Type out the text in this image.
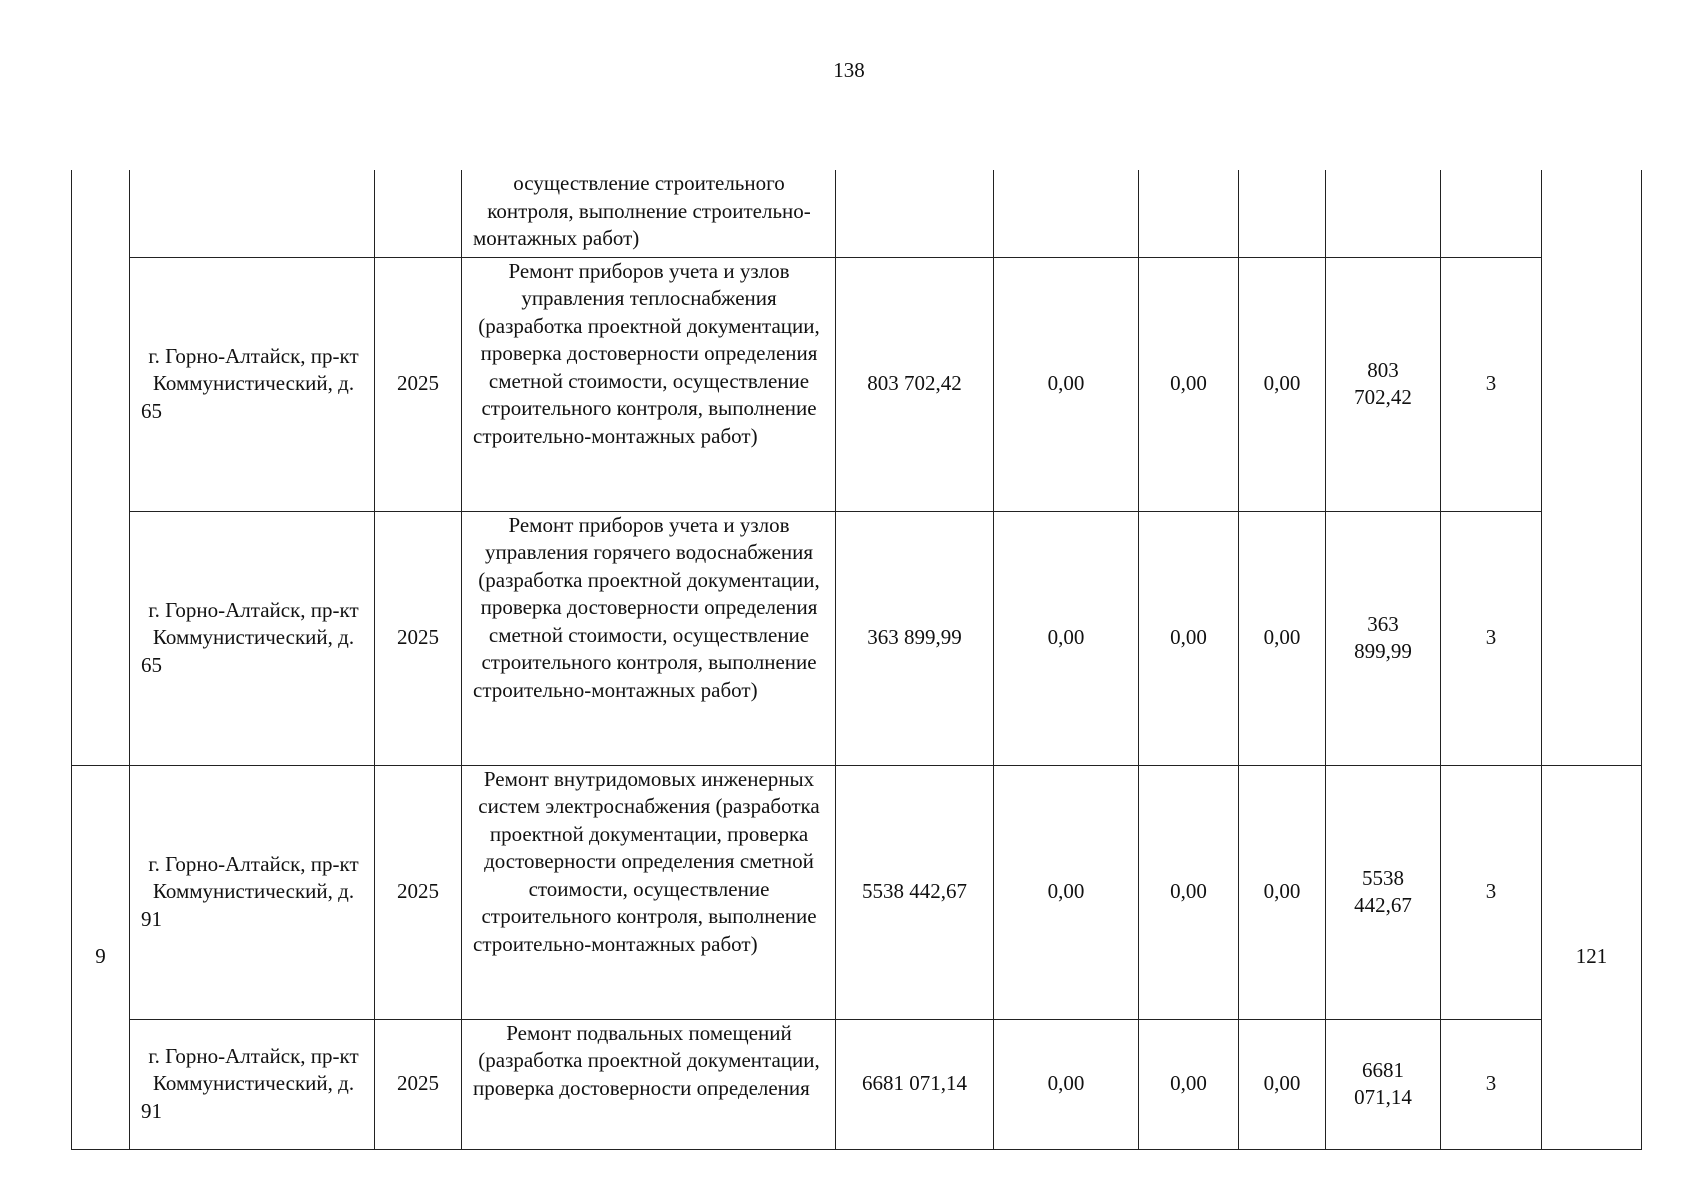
138
			осуществление строительного контроля, выполнение строительно-монтажных работ)							
	г. Горно-Алтайск, пр-кт Коммунистический, д. 65	2025	Ремонт приборов учета и узлов управления теплоснабжения (разработка проектной документации, проверка достоверности определения сметной стоимости, осуществление строительного контроля, выполнение строительно-монтажных работ)	803 702,42	0,00	0,00	0,00	803 702,42	3	
	г. Горно-Алтайск, пр-кт Коммунистический, д. 65	2025	Ремонт приборов учета и узлов управления горячего водоснабжения (разработка проектной документации, проверка достоверности определения сметной стоимости, осуществление строительного контроля, выполнение строительно-монтажных работ)	363 899,99	0,00	0,00	0,00	363 899,99	3	
9	г. Горно-Алтайск, пр-кт Коммунистический, д. 91	2025	Ремонт внутридомовых инженерных систем электроснабжения (разработка проектной документации, проверка достоверности определения сметной стоимости, осуществление строительного контроля, выполнение строительно-монтажных работ)	5538 442,67	0,00	0,00	0,00	5538 442,67	3	121
	г. Горно-Алтайск, пр-кт Коммунистический, д. 91	2025	Ремонт подвальных помещений (разработка проектной документации, проверка достоверности определения	6681 071,14	0,00	0,00	0,00	6681 071,14	3	
